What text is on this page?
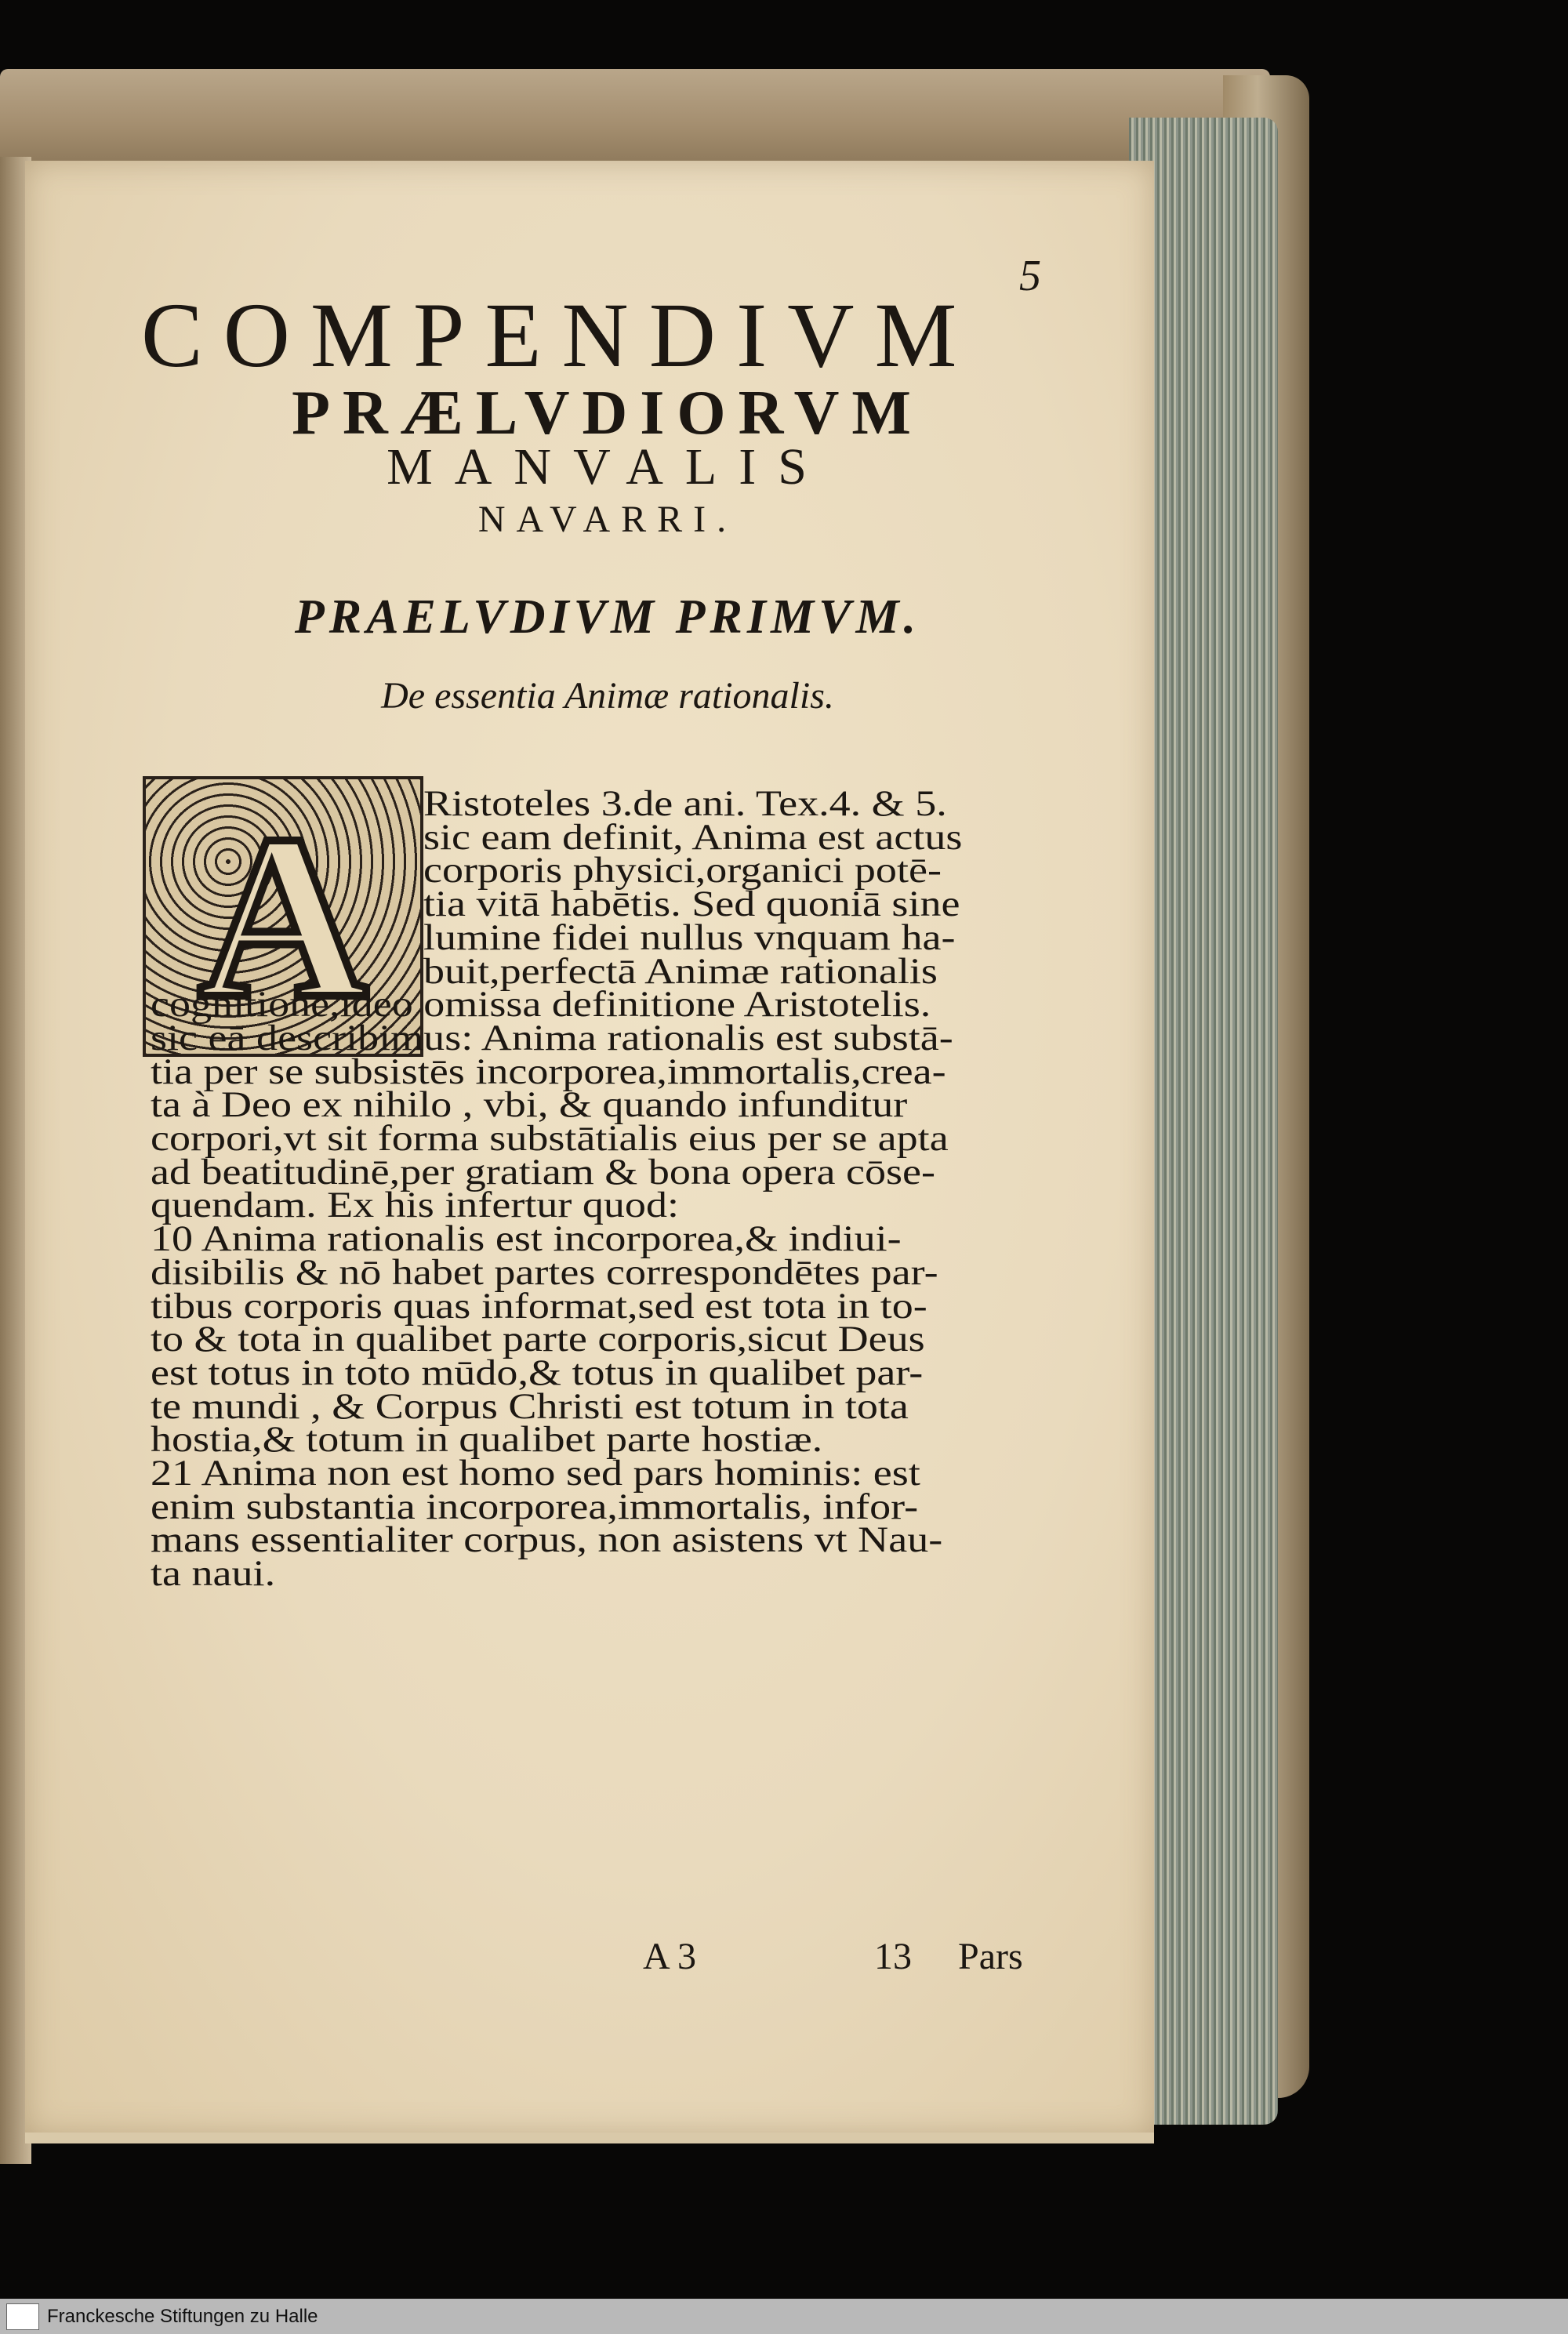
5
COMPENDIVM
PRÆLVDIORVM
MANVALIS
NAVARRI.
PRAELVDIVM PRIMVM.
De essentia Animæ rationalis.
A Ristoteles 3.de ani. Tex.4. & 5.
sic eam definit, Anima est actus
corporis physici,organici potē-
tia vitā habētis. Sed quoniā sine
lumine fidei nullus vnquam ha-
buit,perfectā Animæ rationalis
cognitionē,ideo omissa definitione Aristotelis.
sic eā describimus: Anima rationalis est substā-
tia per se subsistēs incorporea,immortalis,crea-
ta à Deo ex nihilo , vbi, & quando infunditur
corpori,vt sit forma substātialis eius per se apta
ad beatitudinē,per gratiam & bona opera cōse-
quendam. Ex his infertur quod:
10 Anima rationalis est incorporea,& indiui-
disibilis & nō habet partes correspondētes par-
tibus corporis quas informat,sed est tota in to-
to & tota in qualibet parte corporis,sicut Deus
est totus in toto mūdo,& totus in qualibet par-
te mundi , & Corpus Christi est totum in tota
hostia,& totum in qualibet parte hostiæ.
21 Anima non est homo sed pars hominis: est
enim substantia incorporea,immortalis, infor-
mans essentialiter corpus, non asistens vt Nau-
ta naui.
A 3	13 Pars
Franckesche Stiftungen zu Halle
